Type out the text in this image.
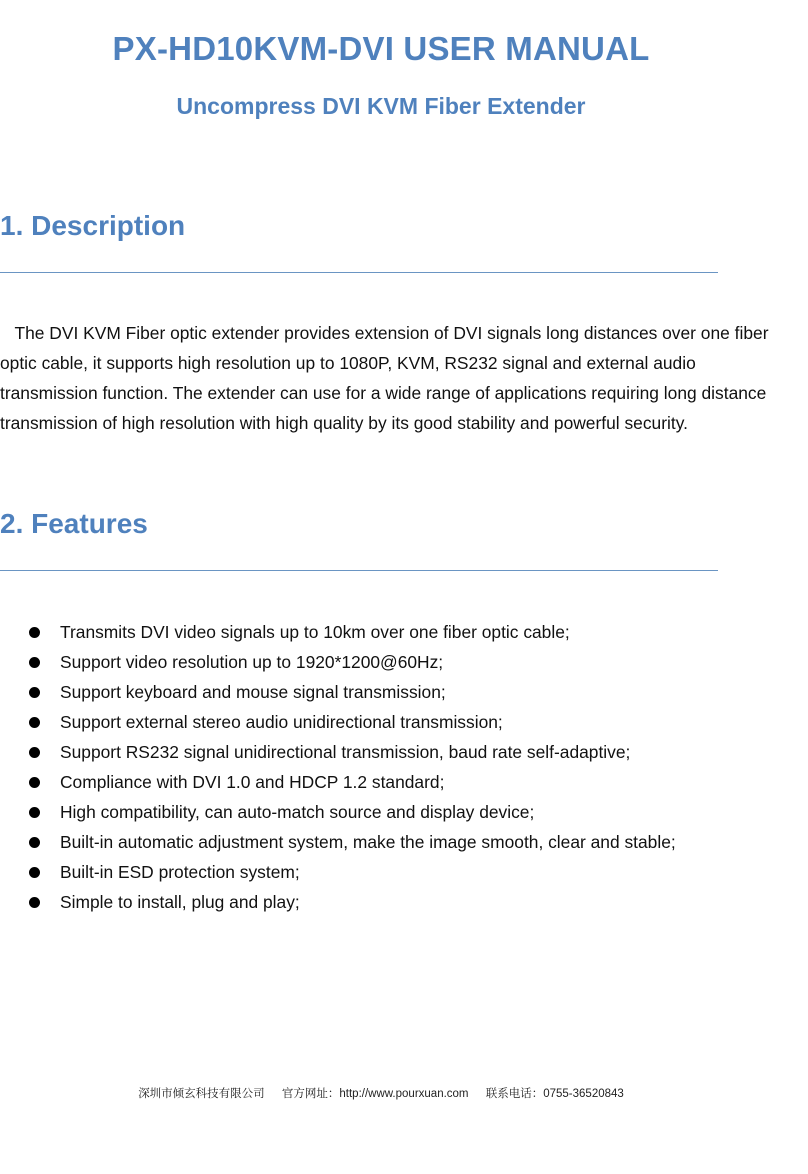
PX-HD10KVM-DVI USER MANUAL
Uncompress DVI KVM Fiber Extender
1. Description

The DVI KVM Fiber optic extender provides extension of DVI signals long distances over one fiber optic cable, it supports high resolution up to 1080P, KVM, RS232 signal and external audio transmission function. The extender can use for a wide range of applications requiring long distance transmission of high resolution with high quality by its good stability and powerful security.

2. Features
Transmits DVI video signals up to 10km over one fiber optic cable;
Support video resolution up to 1920*1200@60Hz;
Support keyboard and mouse signal transmission;
Support external stereo audio unidirectional transmission;
Support RS232 signal unidirectional transmission, baud rate self-adaptive;
Compliance with DVI 1.0 and HDCP 1.2 standard;
High compatibility, can auto-match source and display device;
Built-in automatic adjustment system, make the image smooth, clear and stable;
Built-in ESD protection system;
Simple to install, plug and play;
深圳市倾玄科技有限公司 官方网址：http://www.pourxuan.com 联系电话：0755-36520843
